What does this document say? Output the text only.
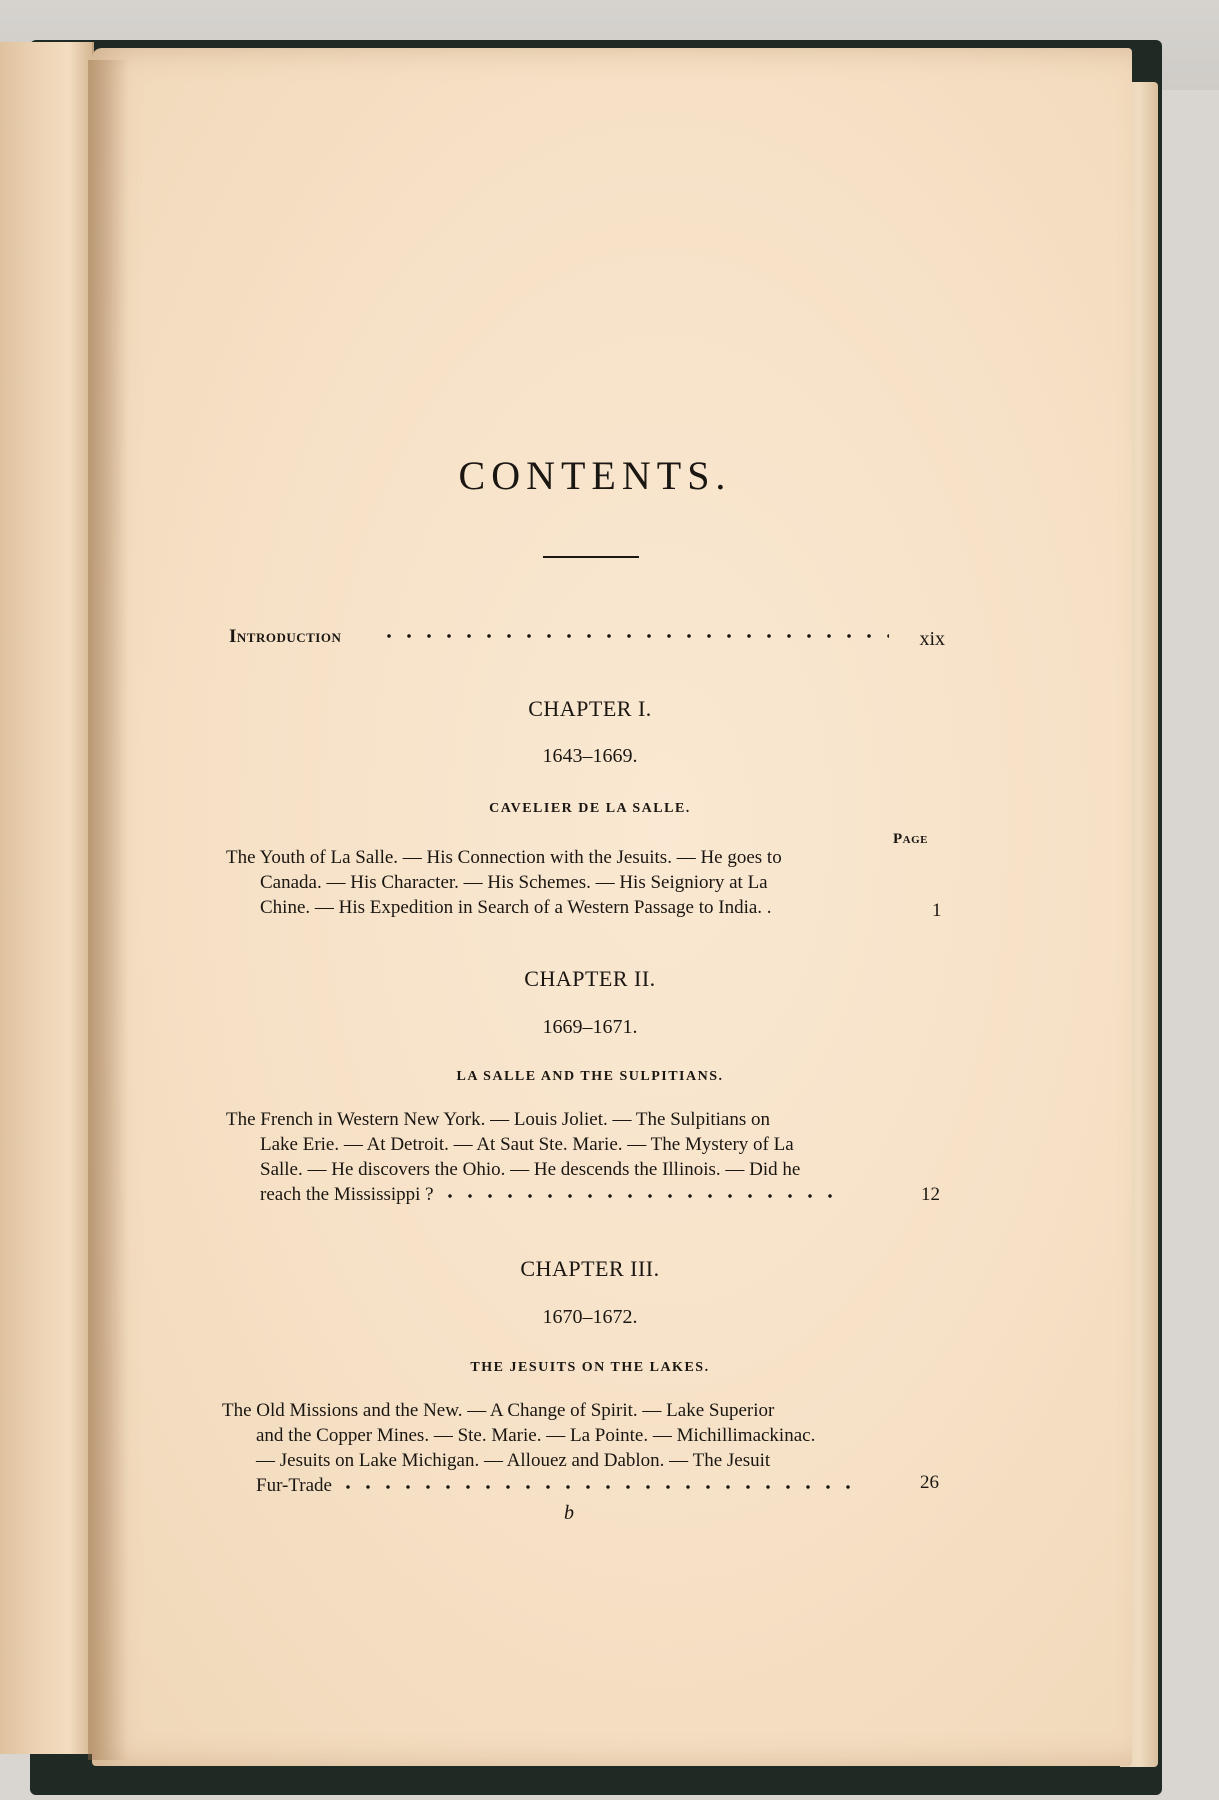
CONTENTS.
Introduction	xix
CHAPTER I.
1643–1669.
CAVELIER DE LA SALLE.
Page
The Youth of La Salle. — His Connection with the Jesuits. — He goes to
Canada. — His Character. — His Schemes. — His Seigniory at La
Chine. — His Expedition in Search of a Western Passage to India. .	1
CHAPTER II.
1669–1671.
LA SALLE AND THE SULPITIANS.
The French in Western New York. — Louis Joliet. — The Sulpitians on
Lake Erie. — At Detroit. — At Saut Ste. Marie. — The Mystery of La
Salle. — He discovers the Ohio. — He descends the Illinois. — Did he
reach the Mississippi ?	12
CHAPTER III.
1670–1672.
THE JESUITS ON THE LAKES.
The Old Missions and the New. — A Change of Spirit. — Lake Superior
and the Copper Mines. — Ste. Marie. — La Pointe. — Michillimackinac.
— Jesuits on Lake Michigan. — Allouez and Dablon. — The Jesuit
Fur-Trade	26
b
